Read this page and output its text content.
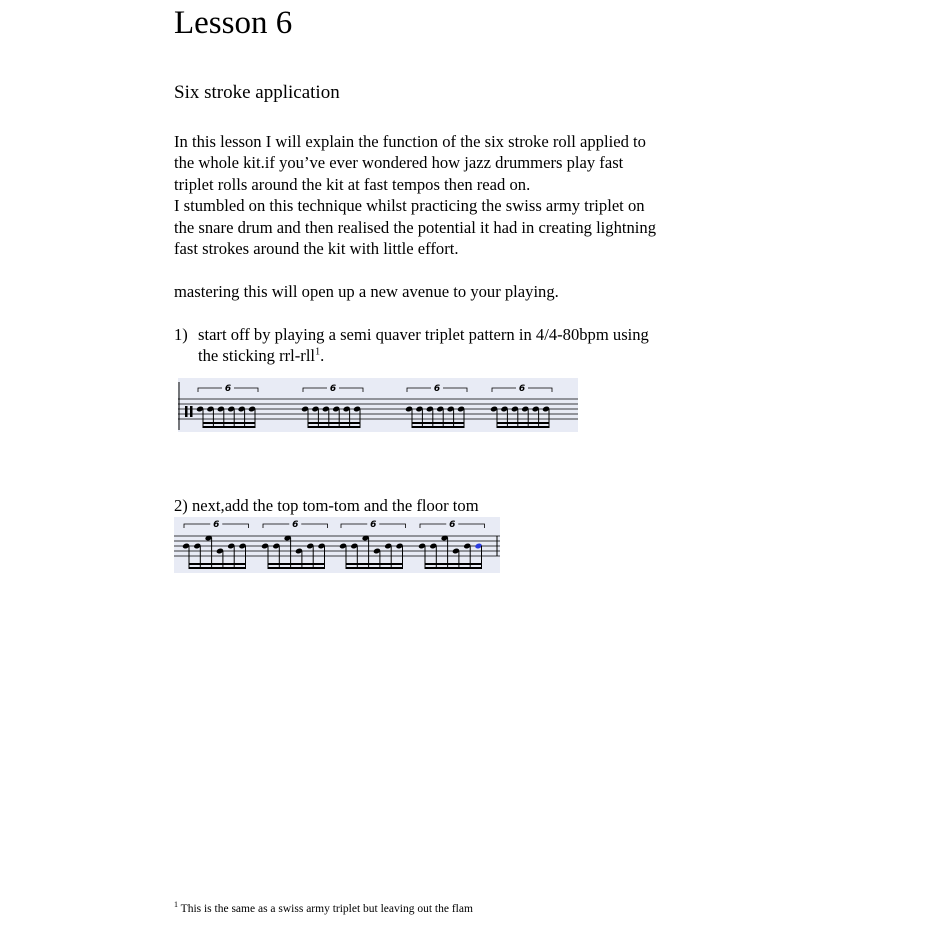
Lesson 6
Six stroke application
In this lesson I will explain the function of the six stroke roll applied to
the whole kit.if you’ve ever wondered how jazz drummers play fast
triplet rolls around the kit at fast tempos then read on.
I stumbled on this technique whilst practicing the swiss army triplet on
the snare drum and then realised the potential it had in creating lightning
fast strokes around the kit with little effort.
mastering this will open up a new avenue to your playing.
1) start off by playing a semi quaver triplet pattern in 4/4-80bpm using
the sticking rrl-rll$^1$.
6	6	6	6
2) next,add the top tom-tom and the floor tom
6	6	6	6
$^1$ This is the same as a swiss army triplet but leaving out the flam
